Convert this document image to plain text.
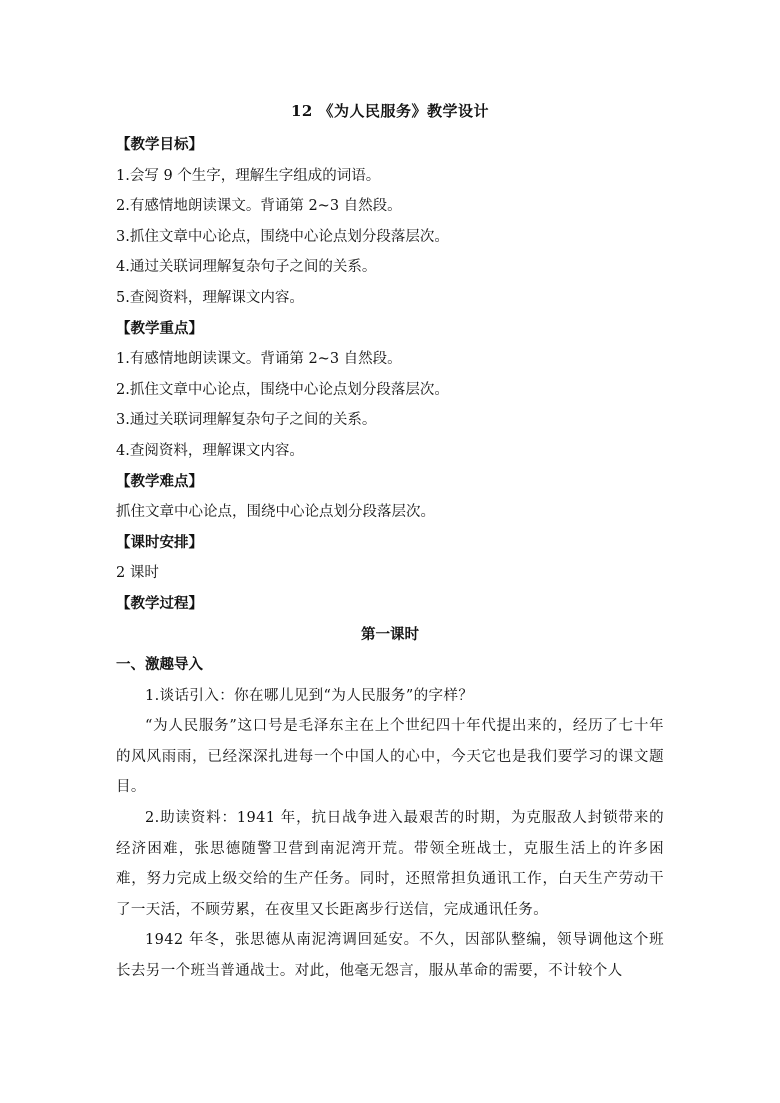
12 《为人民服务》教学设计
【教学目标】
1.会写 9 个生字，理解生字组成的词语。
2.有感情地朗读课文。背诵第 2~3 自然段。
3.抓住文章中心论点，围绕中心论点划分段落层次。
4.通过关联词理解复杂句子之间的关系。
5.查阅资料，理解课文内容。
【教学重点】
1.有感情地朗读课文。背诵第 2~3 自然段。
2.抓住文章中心论点，围绕中心论点划分段落层次。
3.通过关联词理解复杂句子之间的关系。
4.查阅资料，理解课文内容。
【教学难点】
抓住文章中心论点，围绕中心论点划分段落层次。
【课时安排】
2 课时
【教学过程】
第一课时
一、激趣导入
1.谈话引入：你在哪儿见到“为人民服务”的字样？
“为人民服务”这口号是毛泽东主在上个世纪四十年代提出来的，经历了七十年的风风雨雨，已经深深扎进每一个中国人的心中，今天它也是我们要学习的课文题目。
2.助读资料：1941 年，抗日战争进入最艰苦的时期，为克服敌人封锁带来的经济困难，张思德随警卫营到南泥湾开荒。带领全班战士，克服生活上的许多困难，努力完成上级交给的生产任务。同时，还照常担负通讯工作，白天生产劳动干了一天活，不顾劳累，在夜里又长距离步行送信，完成通讯任务。
1942 年冬，张思德从南泥湾调回延安。不久，因部队整编，领导调他这个班长去另一个班当普通战士。对此，他毫无怨言，服从革命的需要，不计较个人
